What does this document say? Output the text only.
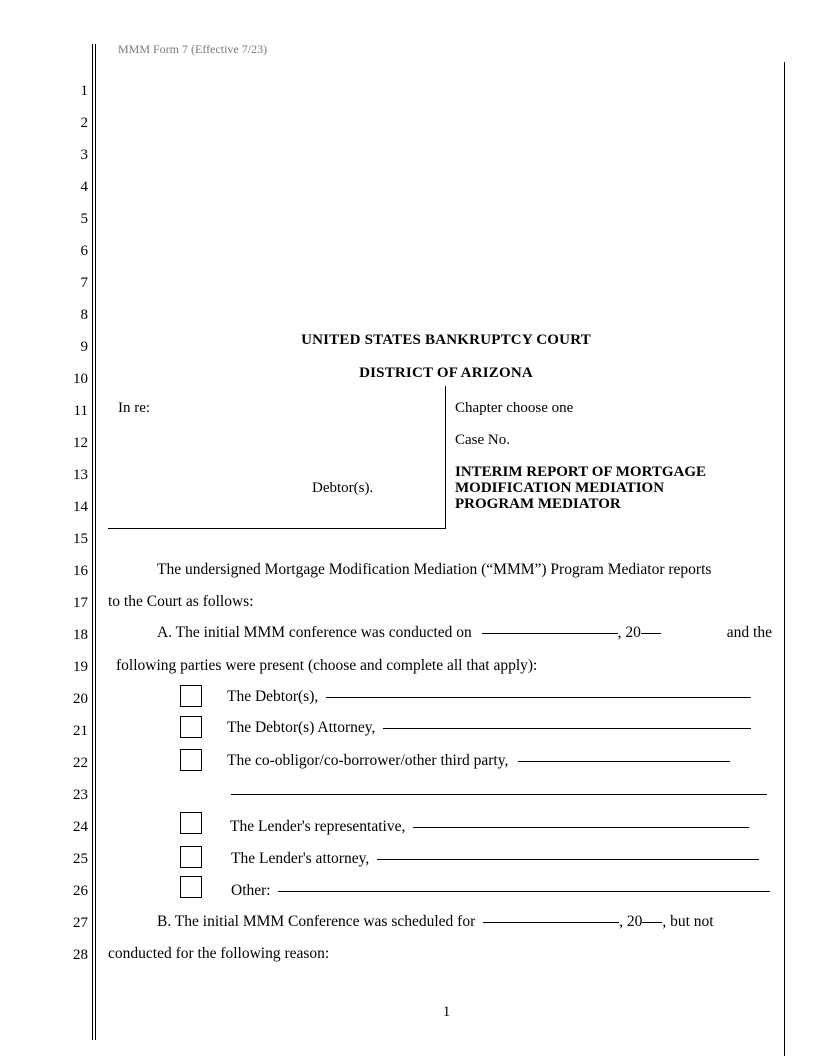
MMM Form 7 (Effective 7/23)
1
2
3
4
5
6
7
8
9
10
11
12
13
14
15
16
17
18
19
20
21
22
23
24
25
26
27
28
UNITED STATES BANKRUPTCY COURT
DISTRICT OF ARIZONA
In re:
Debtor(s).
Chapter choose one
Case No.
INTERIM REPORT OF MORTGAGE
MODIFICATION MEDIATION
PROGRAM MEDIATOR
The undersigned Mortgage Modification Mediation (“MMM”) Program Mediator reports
to the Court as follows:
A. The initial MMM conference was conducted on	, 20	and the
following parties were present (choose and complete all that apply):
The Debtor(s),
The Debtor(s) Attorney,
The co-obligor/co-borrower/other third party,
The Lender's representative,
The Lender's attorney,
Other:
B. The initial MMM Conference was scheduled for	, 20 , but not
conducted for the following reason:
1
